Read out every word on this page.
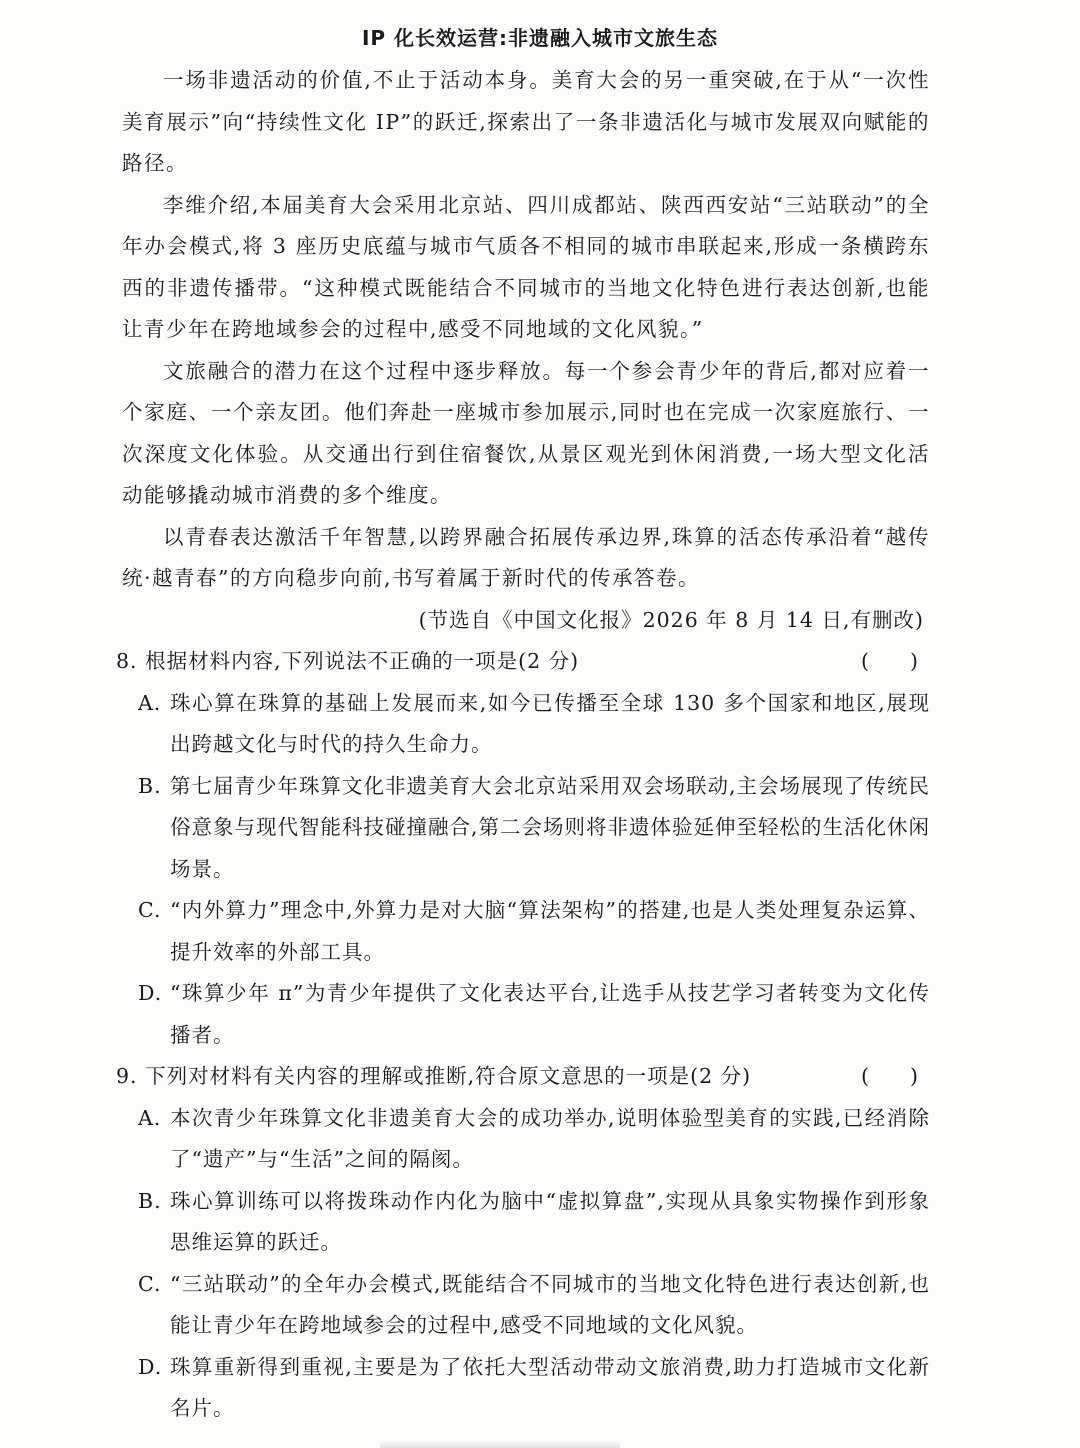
IP 化长效运营:非遗融入城市文旅生态

一场非遗活动的价值,不止于活动本身。美育大会的另一重突破,在于从“一次性美育展示”向“持续性文化 IP”的跃迁,探索出了一条非遗活化与城市发展双向赋能的路径。

李维介绍,本届美育大会采用北京站、四川成都站、陕西西安站“三站联动”的全年办会模式,将 3 座历史底蕴与城市气质各不相同的城市串联起来,形成一条横跨东西的非遗传播带。“这种模式既能结合不同城市的当地文化特色进行表达创新,也能让青少年在跨地域参会的过程中,感受不同地域的文化风貌。”

文旅融合的潜力在这个过程中逐步释放。每一个参会青少年的背后,都对应着一个家庭、一个亲友团。他们奔赴一座城市参加展示,同时也在完成一次家庭旅行、一次深度文化体验。从交通出行到住宿餐饮,从景区观光到休闲消费,一场大型文化活动能够撬动城市消费的多个维度。

以青春表达激活千年智慧,以跨界融合拓展传承边界,珠算的活态传承沿着“越传统·越青春”的方向稳步向前,书写着属于新时代的传承答卷。

(节选自《中国文化报》2026 年 8 月 14 日,有删改)

8. 根据材料内容,下列说法不正确的一项是(2 分)	(　　)

A. 珠心算在珠算的基础上发展而来,如今已传播至全球 130 多个国家和地区,展现出跨越文化与时代的持久生命力。
B. 第七届青少年珠算文化非遗美育大会北京站采用双会场联动,主会场展现了传统民俗意象与现代智能科技碰撞融合,第二会场则将非遗体验延伸至轻松的生活化休闲场景。
C. “内外算力”理念中,外算力是对大脑“算法架构”的搭建,也是人类处理复杂运算、提升效率的外部工具。
D. “珠算少年 π”为青少年提供了文化表达平台,让选手从技艺学习者转变为文化传播者。

9. 下列对材料有关内容的理解或推断,符合原文意思的一项是(2 分)	(　　)

A. 本次青少年珠算文化非遗美育大会的成功举办,说明体验型美育的实践,已经消除了“遗产”与“生活”之间的隔阂。
B. 珠心算训练可以将拨珠动作内化为脑中“虚拟算盘”,实现从具象实物操作到形象思维运算的跃迁。
C. “三站联动”的全年办会模式,既能结合不同城市的当地文化特色进行表达创新,也能让青少年在跨地域参会的过程中,感受不同地域的文化风貌。
D. 珠算重新得到重视,主要是为了依托大型活动带动文旅消费,助力打造城市文化新名片。
